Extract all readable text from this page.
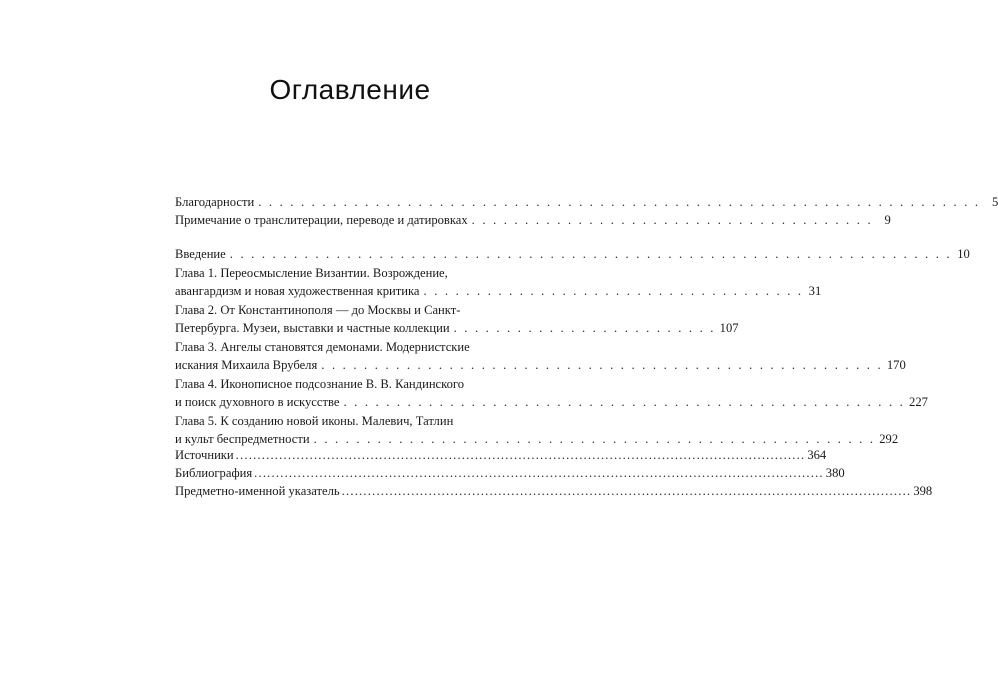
Оглавление
Благодарности . . . . . . . . . . . . . . . . . . . . . . . . . . . . . . . . . . . . . . . . . . . . . . . . . . . . . . . . . . . . . . . . . . . . 5
Примечание о транслитерации, переводе и датировках . . . . . . . . . . . . . . . . . . . . . . . . . . . . . . . . . . . . . . 9
Введение . . . . . . . . . . . . . . . . . . . . . . . . . . . . . . . . . . . . . . . . . . . . . . . . . . . . . . . . . . . . . . . . . . . . 10
Глава 1. Переосмысление Византии. Возрождение,
авангардизм и новая художественная критика . . . . . . . . . . . . . . . . . . . . . . . . . . . . . . . . . . . . 31
Глава 2. От Константинополя — до Москвы и Санкт-
Петербурга. Музеи, выставки и частные коллекции . . . . . . . . . . . . . . . . . . . . . . . . . 107
Глава 3. Ангелы становятся демонами. Модернистские
искания Михаила Врубеля . . . . . . . . . . . . . . . . . . . . . . . . . . . . . . . . . . . . . . . . . . . . . . . . . . . . . 170
Глава 4. Иконописное подсознание В. В. Кандинского
и поиск духовного в искусстве . . . . . . . . . . . . . . . . . . . . . . . . . . . . . . . . . . . . . . . . . . . . . . . . . . . . . 227
Глава 5. К созданию новой иконы. Малевич, Татлин
и культ беспредметности . . . . . . . . . . . . . . . . . . . . . . . . . . . . . . . . . . . . . . . . . . . . . . . . . . . . . 292
Источники ................................................................................................................................... 364
Библиография ................................................................................................................................... 380
Предметно-именной указатель ................................................................................................................................... 398
